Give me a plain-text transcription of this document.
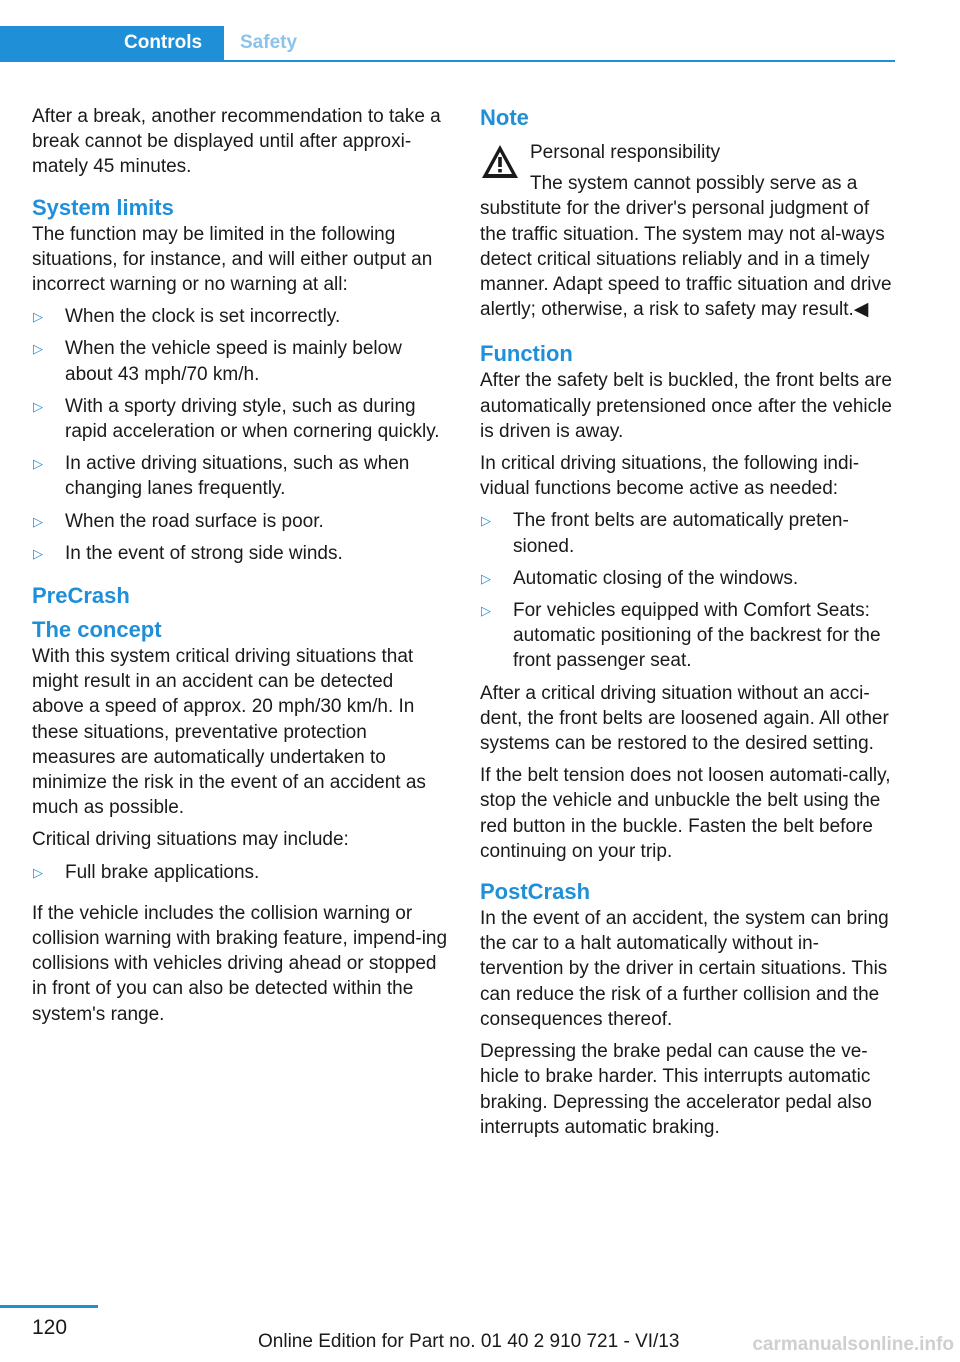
Controls	Safety

After a break, another recommendation to take a break cannot be displayed until after approxi‐mately 45 minutes.

System limits

The function may be limited in the following situations, for instance, and will either output an incorrect warning or no warning at all:

▷ When the clock is set incorrectly.
▷ When the vehicle speed is mainly below about 43 mph/70 km/h.
▷ With a sporty driving style, such as during rapid acceleration or when cornering quickly.
▷ In active driving situations, such as when changing lanes frequently.
▷ When the road surface is poor.
▷ In the event of strong side winds.
PreCrash
The concept

With this system critical driving situations that might result in an accident can be detected above a speed of approx. 20 mph/30 km/h. In these situations, preventative protection measures are automatically undertaken to minimize the risk in the event of an accident as much as possible.

Critical driving situations may include:

▷ Full brake applications.

If the vehicle includes the collision warning or collision warning with braking feature, impend‐ing collisions with vehicles driving ahead or stopped in front of you can also be detected within the system's range.

Note

Personal responsibility

The system cannot possibly serve as a

substitute for the driver's personal judgment of the traffic situation. The system may not al‐ways detect critical situations reliably and in a timely manner. Adapt speed to traffic situation and drive alertly; otherwise, a risk to safety may result.◀

Function

After the safety belt is buckled, the front belts are automatically pretensioned once after the vehicle is driven is away.

In critical driving situations, the following indi‐vidual functions become active as needed:

▷ The front belts are automatically preten‐sioned.
▷ Automatic closing of the windows.
▷ For vehicles equipped with Comfort Seats: automatic positioning of the backrest for the front passenger seat.

After a critical driving situation without an acci‐dent, the front belts are loosened again. All other systems can be restored to the desired setting.

If the belt tension does not loosen automati‐cally, stop the vehicle and unbuckle the belt using the red button in the buckle. Fasten the belt before continuing on your trip.

PostCrash

In the event of an accident, the system can bring the car to a halt automatically without in‐tervention by the driver in certain situations. This can reduce the risk of a further collision and the consequences thereof.

Depressing the brake pedal can cause the ve‐hicle to brake harder. This interrupts automatic braking. Depressing the accelerator pedal also interrupts automatic braking.

120
Online Edition for Part no. 01 40 2 910 721 - VI/13	carmanualsonline.info
